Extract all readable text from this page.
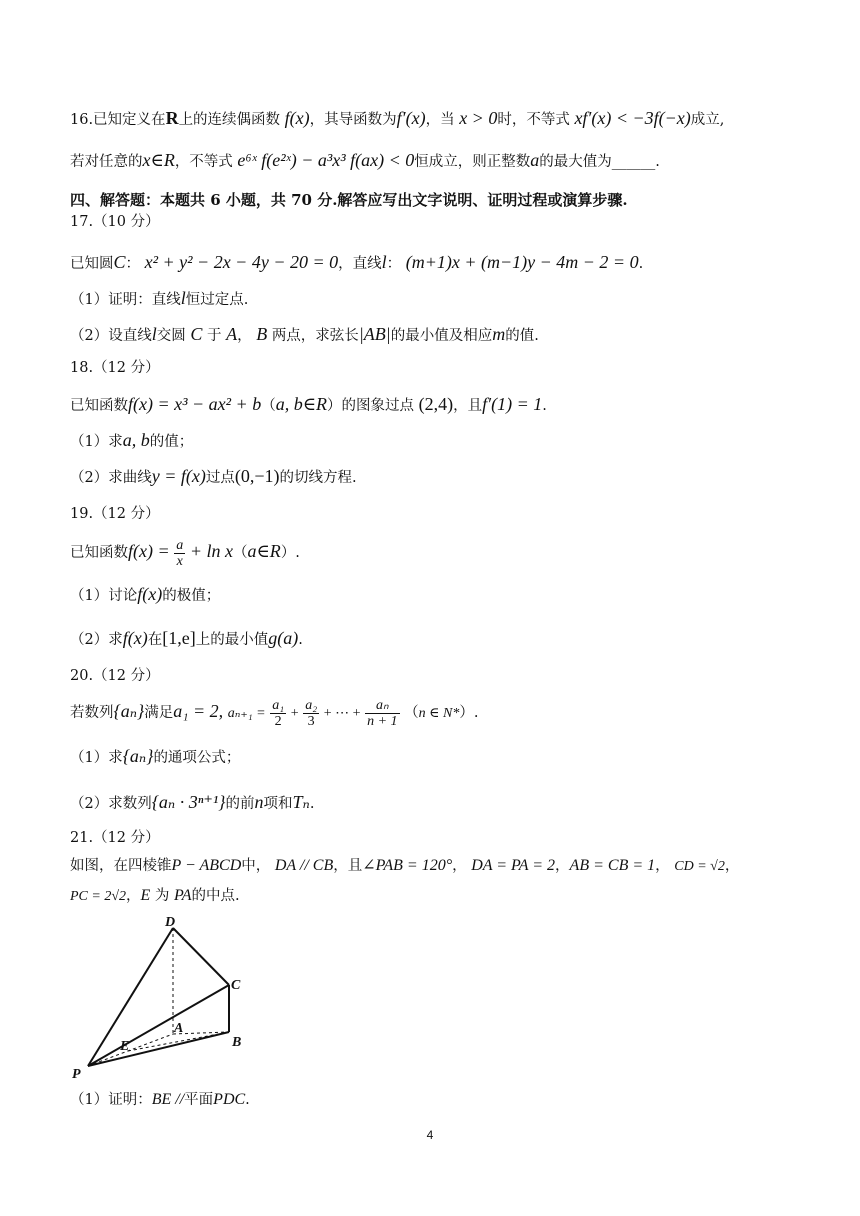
16.已知定义在R上的连续偶函数 f(x)，其导函数为f′(x)，当 x > 0时，不等式 xf′(x) < −3f(−x)成立,
若对任意的x∈R，不等式 e⁶ˣ f(e²ˣ) − a³x³ f(ax) < 0恒成立，则正整数a的最大值为______.
四、解答题：本题共 6 小题，共 70 分.解答应写出文字说明、证明过程或演算步骤.
17.（10 分）
已知圆C： x² + y² − 2x − 4y − 20 = 0，直线l： (m+1)x + (m−1)y − 4m − 2 = 0.
（1）证明：直线l恒过定点.
（2）设直线l交圆 C 于 A， B 两点，求弦长|AB|的最小值及相应m的值.
18.（12 分）
已知函数f(x) = x³ − ax² + b（a, b∈R）的图象过点 (2,4)，且f′(1) = 1.
（1）求a, b的值；
（2）求曲线y = f(x)过点(0,−1)的切线方程.
19.（12 分）
已知函数$f(x) = \frac{a}{x} + \ln$ x（a∈R）.
（1）讨论f(x)的极值；
（2）求f(x)在[1,e]上的最小值g(a).
20.（12 分）
若数列{aₙ}满足a₁ = 2, $a_{n+1} = \frac{\text{a₁}}{2} + \frac{\text{a₂}}{3}$ + ⋯ + $\frac{\text{aₙ}}{n + 1} (n$ ∈ N*）.
（1）求{aₙ}的通项公式；
（2）求数列{aₙ · 3ⁿ⁺¹}的前n项和Tₙ.
21.（12 分）
如图，在四棱锥P − ABCD中， DA // CB，且∠PAB = 120°， DA = PA = 2，AB = CB = 1， CD = √2，
PC = 2√2，E 为 PA的中点.
D
C
A
E	B
P
（1）证明：BE //平面PDC.
4
